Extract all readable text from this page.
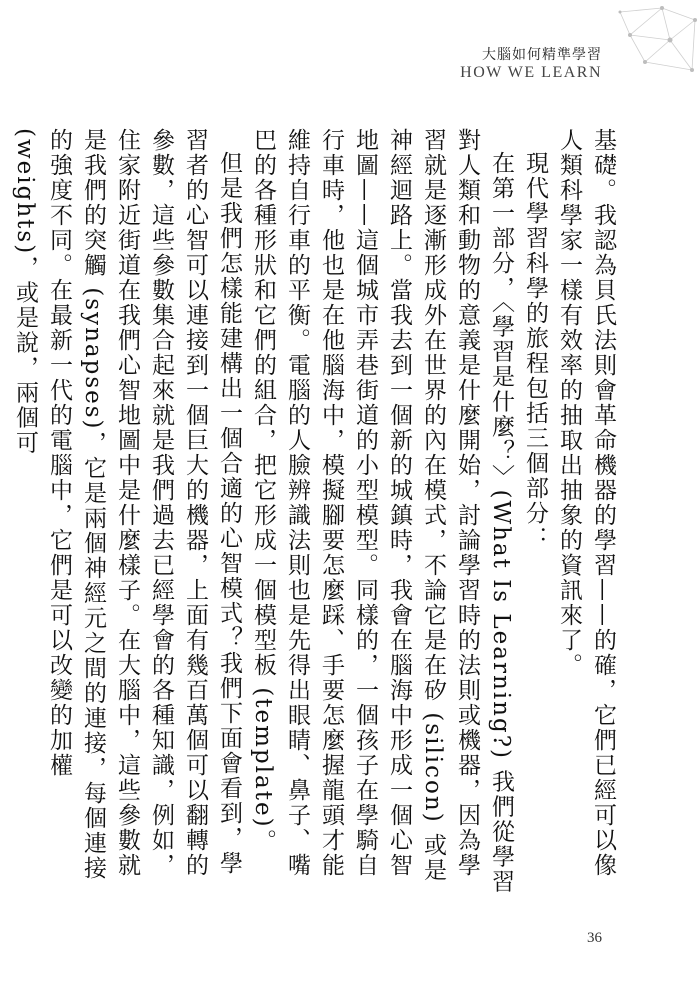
大腦如何精準學習
HOW WE LEARN

基礎。我認為貝氏法則會革命機器的學習——的確，它們已經可以像人類科學家一樣有效率的抽取出抽象的資訊來了。

現代學習科學的旅程包括三個部分：

在第一部分，〈學習是什麼？〉(What Is Learning?) 我們從學習對人類和動物的意義是什麼開始，討論學習時的法則或機器，因為學習就是逐漸形成外在世界的內在模式，不論它是在矽 (silicon) 或是神經迴路上。當我去到一個新的城鎮時，我會在腦海中形成一個心智地圖——這個城市弄巷街道的小型模型。同樣的，一個孩子在學騎自行車時，他也是在他腦海中，模擬腳要怎麼踩、手要怎麼握龍頭才能維持自行車的平衡。電腦的人臉辨識法則也是先得出眼睛、鼻子、嘴巴的各種形狀和它們的組合，把它形成一個模型板 (template)。

但是我們怎樣能建構出一個合適的心智模式？我們下面會看到，學習者的心智可以連接到一個巨大的機器，上面有幾百萬個可以翻轉的參數，這些參數集合起來就是我們過去已經學會的各種知識，例如，住家附近街道在我們心智地圖中是什麼樣子。在大腦中，這些參數就是我們的突觸 (synapses)，它是兩個神經元之間的連接，每個連接的強度不同。在最新一代的電腦中，它們是可以改變的加權 (weights)，或是說，兩個可

36
